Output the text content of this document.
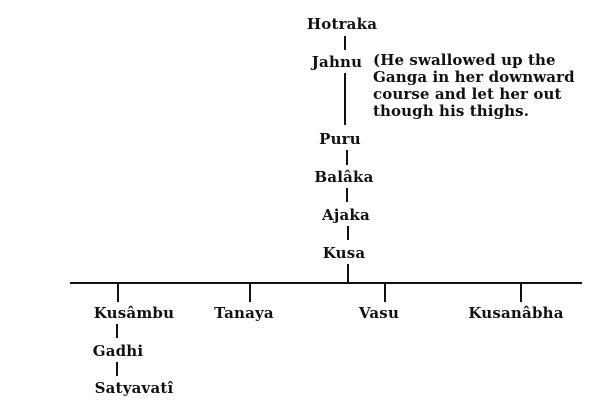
Hotraka
Jahnu (He swallowed up the
Ganga in her downward
course and let her out
though his thighs.
Puru
Balâka
Ajaka
Kusa
Kusâmbu	Tanaya	Vasu	Kusanâbha
Gadhi
Satyavatî
